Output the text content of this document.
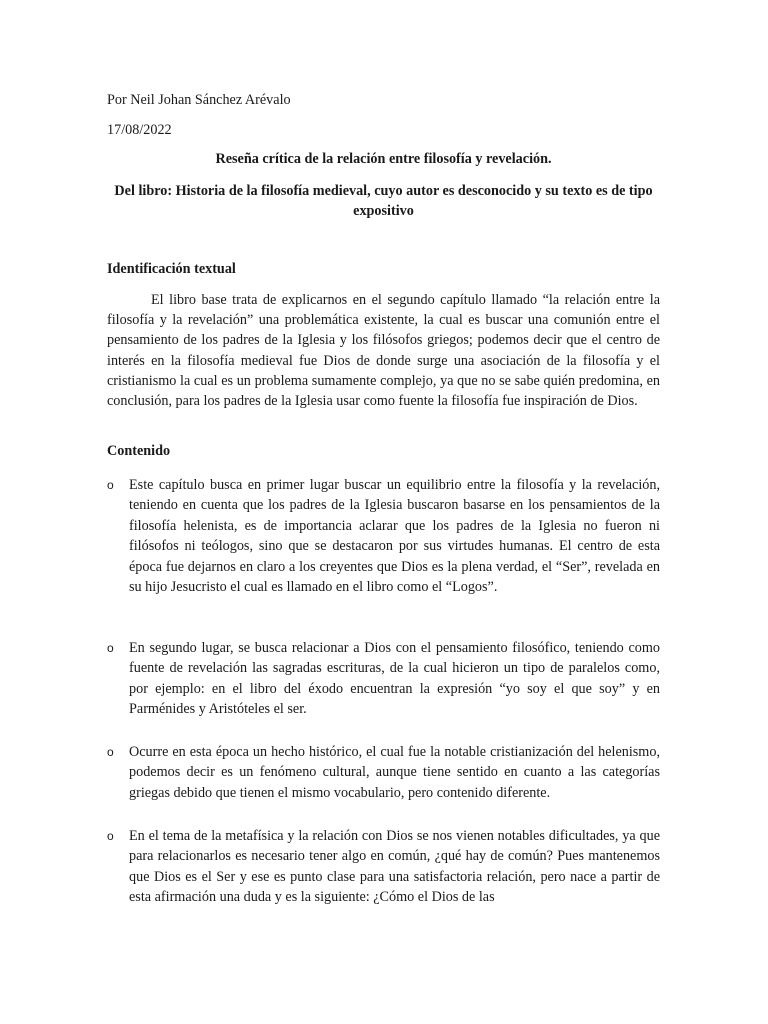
Por Neil Johan Sánchez Arévalo
17/08/2022
Reseña crítica de la relación entre filosofía y revelación.
Del libro: Historia de la filosofía medieval, cuyo autor es desconocido y su texto es de tipo expositivo
Identificación textual
El libro base trata de explicarnos en el segundo capítulo llamado “la relación entre la filosofía y la revelación” una problemática existente, la cual es buscar una comunión entre el pensamiento de los padres de la Iglesia y los filósofos griegos; podemos decir que el centro de interés en la filosofía medieval fue Dios de donde surge una asociación de la filosofía y el cristianismo la cual es un problema sumamente complejo, ya que no se sabe quién predomina, en conclusión, para los padres de la Iglesia usar como fuente la filosofía fue inspiración de Dios.
Contenido
o Este capítulo busca en primer lugar buscar un equilibrio entre la filosofía y la revelación, teniendo en cuenta que los padres de la Iglesia buscaron basarse en los pensamientos de la filosofía helenista, es de importancia aclarar que los padres de la Iglesia no fueron ni filósofos ni teólogos, sino que se destacaron por sus virtudes humanas. El centro de esta época fue dejarnos en claro a los creyentes que Dios es la plena verdad, el “Ser”, revelada en su hijo Jesucristo el cual es llamado en el libro como el “Logos”.
o En segundo lugar, se busca relacionar a Dios con el pensamiento filosófico, teniendo como fuente de revelación las sagradas escrituras, de la cual hicieron un tipo de paralelos como, por ejemplo: en el libro del éxodo encuentran la expresión “yo soy el que soy” y en Parménides y Aristóteles el ser.
o Ocurre en esta época un hecho histórico, el cual fue la notable cristianización del helenismo, podemos decir es un fenómeno cultural, aunque tiene sentido en cuanto a las categorías griegas debido que tienen el mismo vocabulario, pero contenido diferente.
o En el tema de la metafísica y la relación con Dios se nos vienen notables dificultades, ya que para relacionarlos es necesario tener algo en común, ¿qué hay de común? Pues mantenemos que Dios es el Ser y ese es punto clase para una satisfactoria relación, pero nace a partir de esta afirmación una duda y es la siguiente: ¿Cómo el Dios de las
